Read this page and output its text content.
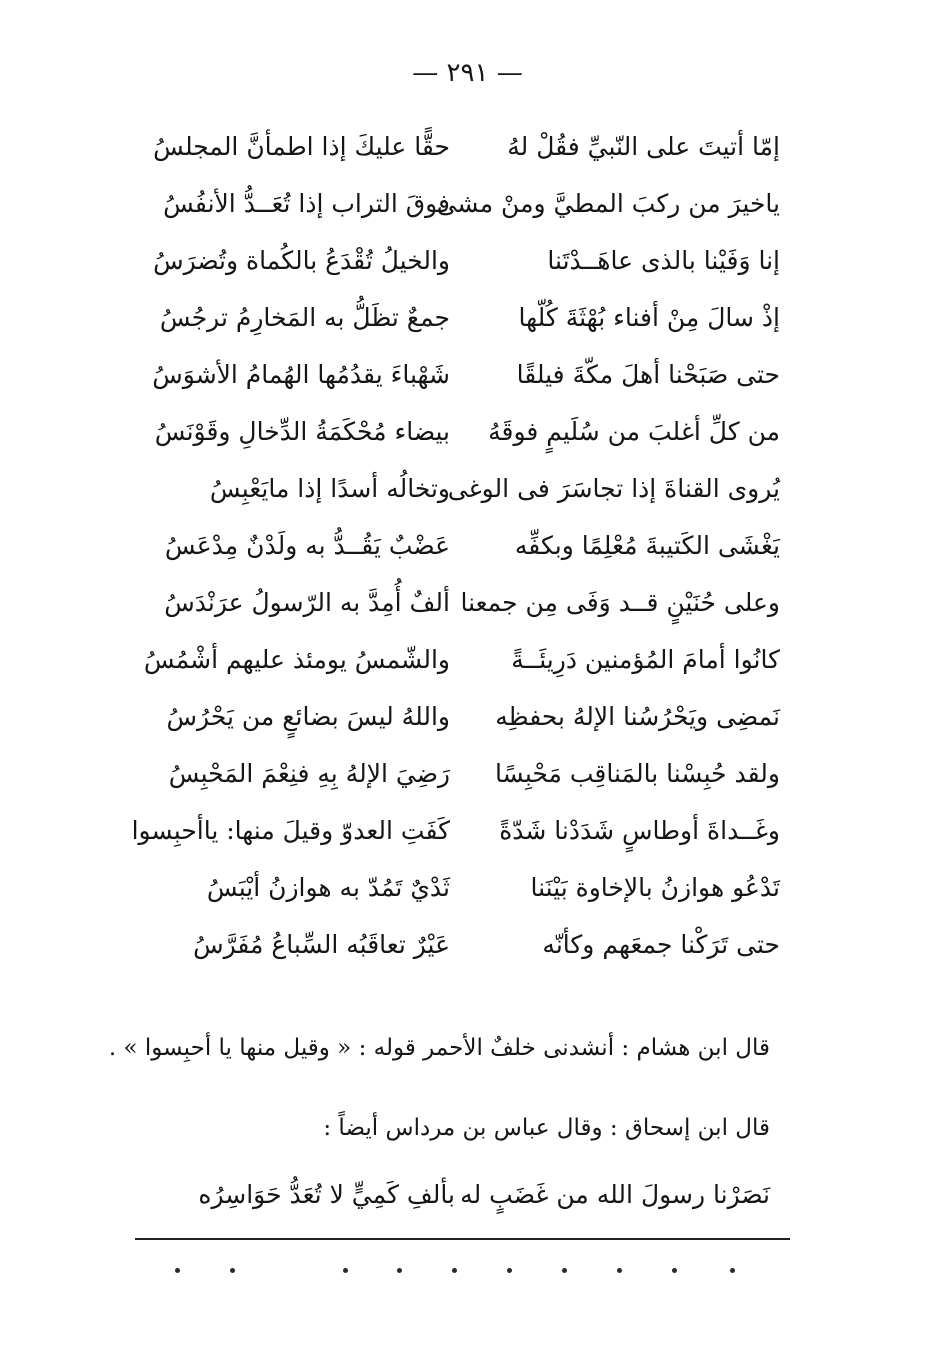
— ٢٩١ —
إمّا أتيتَ على النّبيِّ فقُلْ لهُ
حقًّا عليكَ إذا اطمأنَّ المجلسُ
ياخيرَ من ركبَ المطيَّ ومنْ مشى
فوقَ التراب إذا تُعَــدُّ الأنفُسُ
إنا وَفَيْنا بالذى عاهَــدْتَنا
والخيلُ تُقْدَعُ بالكُماة وتُضرَسُ
إذْ سالَ مِنْ أفناء بُهْثَةَ كُلّها
جمعٌ تظَلُّ به المَخارِمُ ترجُسُ
حتى صَبَحْنا أهلَ مكّةَ فيلقًا
شَهْباءَ يقدُمُها الهُمامُ الأشوَسُ
من كلِّ أغلبَ من سُلَيمٍ فوقَهُ
بيضاء مُحْكَمَةُ الدِّخالِ وقَوْنَسُ
يُروى القناةَ إذا تجاسَرَ فى الوغى
وتخالُه أسدًا إذا مايَعْبِسُ
يَغْشَى الكَتيبةَ مُعْلِمًا وبكفِّه
عَضْبٌ يَقُــدُّ به ولَدْنٌ مِدْعَسُ
وعلى حُنَيْنٍ قــد وَفَى مِن جمعنا
ألفٌ أُمِدَّ به الرّسولُ عرَنْدَسُ
كانُوا أمامَ المُؤمنين دَرِيئَــةً
والشّمسُ يومئذ عليهم أشْمُسُ
نَمضِى ويَحْرُسُنا الإلهُ بحفظِه
واللهُ ليسَ بضائعٍ من يَحْرُسُ
ولقد حُبِسْنا بالمَناقِب مَحْبِسًا
رَضِيَ الإلهُ بِهِ فنِعْمَ المَحْبِسُ
وغَــداةَ أوطاسٍ شَدَدْنا شَدّةً
كَفَتِ العدوّ وقيلَ منها: ياأحبِسوا
تَدْعُو هوازنُ بالإخاوة بَيْنَنا
ثَدْيٌ تَمُدّ به هوازنُ أيْبَسُ
حتى تَرَكْنا جمعَهم وكأنّه
عَيْرٌ تعاقَبُه السِّباعُ مُفَرَّسُ
قال ابن هشام : أنشدنى خلفٌ الأحمر قوله : « وقيل منها يا أحبِسوا » .
قال ابن إسحاق : وقال عباس بن مرداس أيضاً :
نَصَرْنا رسولَ الله من غَضَبٍ له
بألفِ كَمِيٍّ لا تُعَدُّ حَوَاسِرُه
